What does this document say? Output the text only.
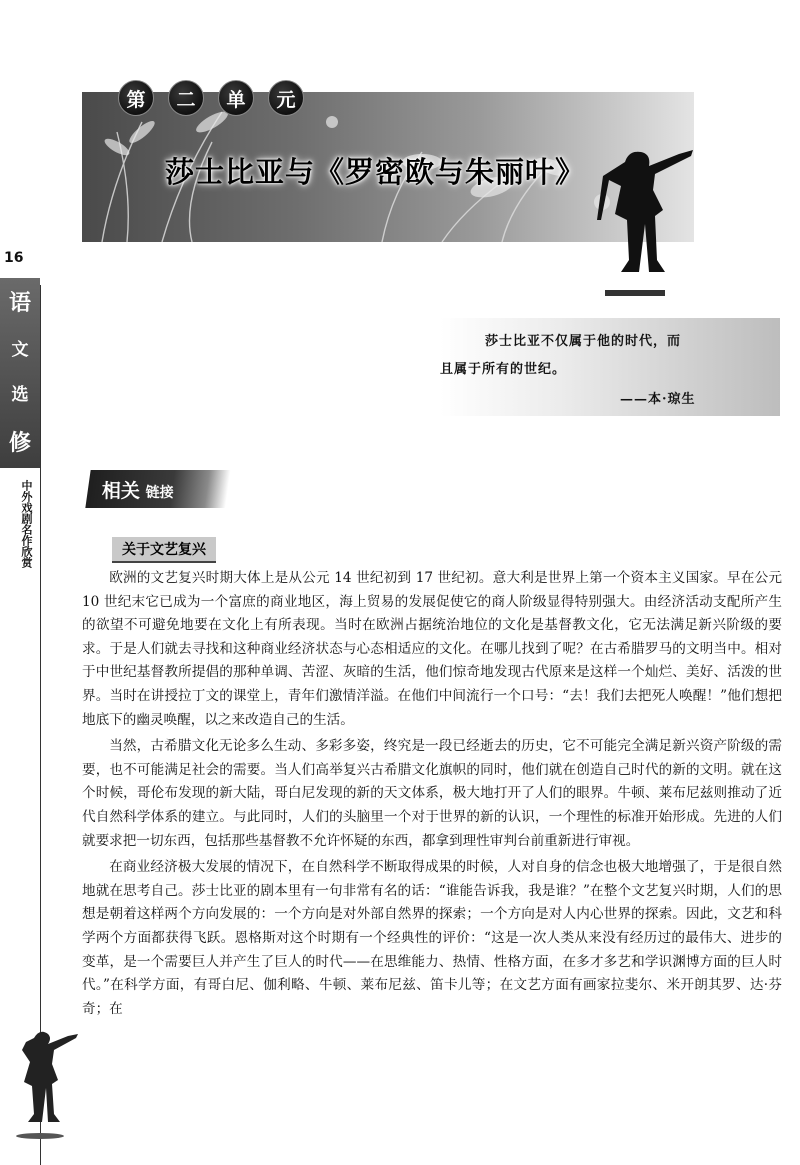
16
语
文
选
修
中外戏剧名作欣赏
第	二	单	元
莎士比亚与《罗密欧与朱丽叶》
莎士比亚不仅属于他的时代，而
且属于所有的世纪。
——本·琼生
相关 链接
关于文艺复兴

欧洲的文艺复兴时期大体上是从公元 14 世纪初到 17 世纪初。意大利是世界上第一个资本主义国家。早在公元 10 世纪末它已成为一个富庶的商业地区，海上贸易的发展促使它的商人阶级显得特别强大。由经济活动支配所产生的欲望不可避免地要在文化上有所表现。当时在欧洲占据统治地位的文化是基督教文化，它无法满足新兴阶级的要求。于是人们就去寻找和这种商业经济状态与心态相适应的文化。在哪儿找到了呢？在古希腊罗马的文明当中。相对于中世纪基督教所提倡的那种单调、苦涩、灰暗的生活，他们惊奇地发现古代原来是这样一个灿烂、美好、活泼的世界。当时在讲授拉丁文的课堂上，青年们激情洋溢。在他们中间流行一个口号：“去！我们去把死人唤醒！”他们想把地底下的幽灵唤醒，以之来改造自己的生活。

当然，古希腊文化无论多么生动、多彩多姿，终究是一段已经逝去的历史，它不可能完全满足新兴资产阶级的需要，也不可能满足社会的需要。当人们高举复兴古希腊文化旗帜的同时，他们就在创造自己时代的新的文明。就在这个时候，哥伦布发现的新大陆，哥白尼发现的新的天文体系，极大地打开了人们的眼界。牛顿、莱布尼兹则推动了近代自然科学体系的建立。与此同时，人们的头脑里一个对于世界的新的认识，一个理性的标准开始形成。先进的人们就要求把一切东西，包括那些基督教不允许怀疑的东西，都拿到理性审判台前重新进行审视。

在商业经济极大发展的情况下，在自然科学不断取得成果的时候，人对自身的信念也极大地增强了，于是很自然地就在思考自己。莎士比亚的剧本里有一句非常有名的话：“谁能告诉我，我是谁？”在整个文艺复兴时期，人们的思想是朝着这样两个方向发展的：一个方向是对外部自然界的探索；一个方向是对人内心世界的探索。因此，文艺和科学两个方面都获得飞跃。恩格斯对这个时期有一个经典性的评价：“这是一次人类从来没有经历过的最伟大、进步的变革，是一个需要巨人并产生了巨人的时代——在思维能力、热情、性格方面，在多才多艺和学识渊博方面的巨人时代。”在科学方面，有哥白尼、伽利略、牛顿、莱布尼兹、笛卡儿等；在文艺方面有画家拉斐尔、米开朗其罗、达·芬奇；在
